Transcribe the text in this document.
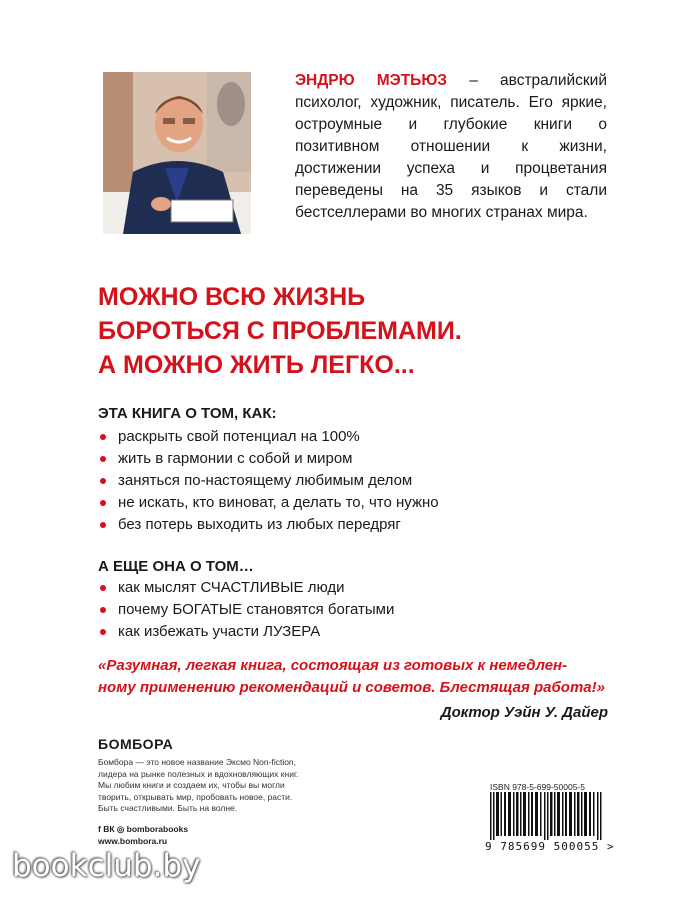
ЭНДРЮ МЭТЬЮЗ – австралийский психолог, художник, писатель. Его яркие, остроумные и глубокие книги о позитивном отношении к жизни, достижении успеха и процветания переведены на 35 языков и стали бестселлерами во многих странах мира.
МОЖНО ВСЮ ЖИЗНЬ
БОРОТЬСЯ С ПРОБЛЕМАМИ.
А МОЖНО ЖИТЬ ЛЕГКО...
ЭТА КНИГА О ТОМ, КАК:
раскрыть свой потенциал на 100%
жить в гармонии с собой и миром
заняться по-настоящему любимым делом
не искать, кто виноват, а делать то, что нужно
без потерь выходить из любых передряг
А ЕЩЕ ОНА О ТОМ…
как мыслят СЧАСТЛИВЫЕ люди
почему БОГАТЫЕ становятся богатыми
как избежать участи ЛУЗЕРА
«Разумная, легкая книга, состоящая из готовых к немедлен-
ному применению рекомендаций и советов. Блестящая работа!»
Доктор Уэйн У. Дайер
БОМБОРА
Бомбора — это новое название Эксмо Non-fiction,
лидера на рынке полезных и вдохновляющих книг.
Мы любим книги и создаем их, чтобы вы могли
творить, открывать мир, пробовать новое, расти.
Быть счастливыми. Быть на волне.
f ВК ◎ bomborabooks
www.bombora.ru
ISBN 978-5-699-50005-5
9 785699 500055 >
bookclub.by
